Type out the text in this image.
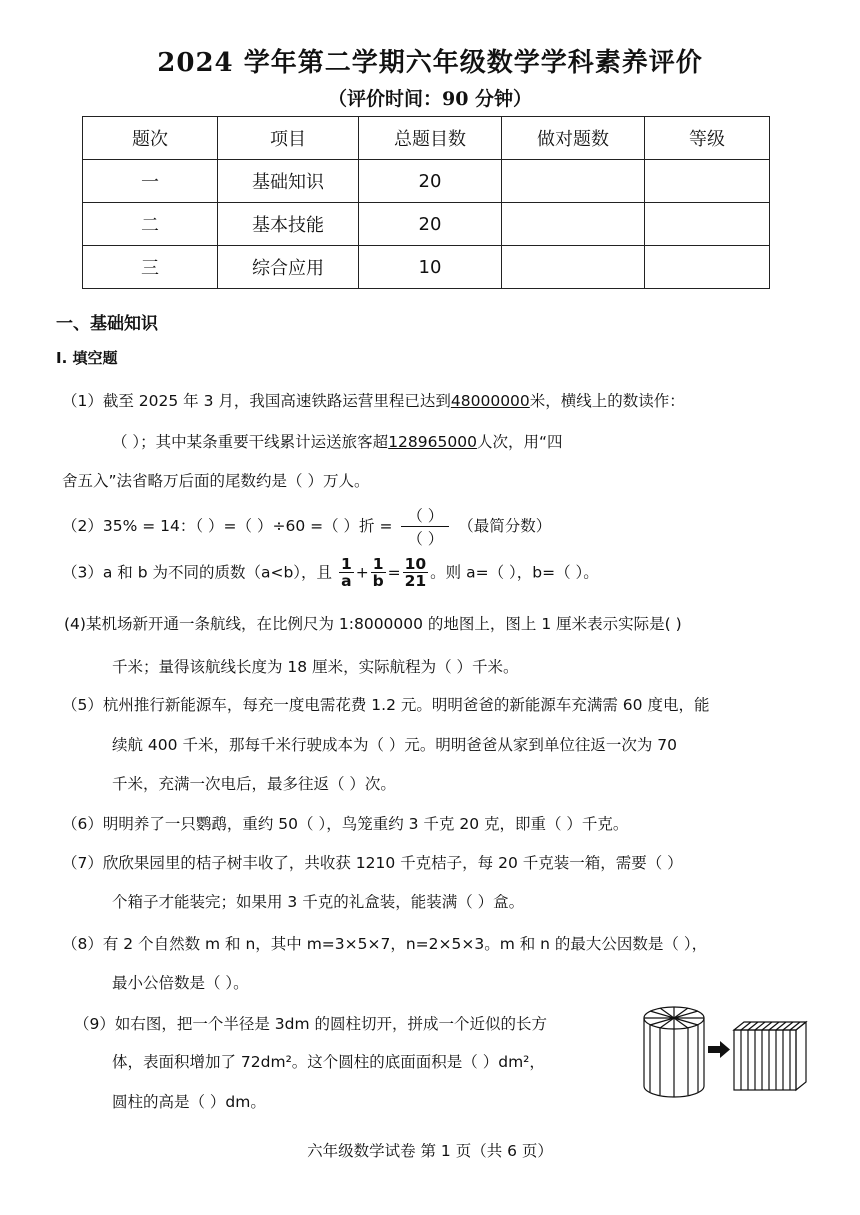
2024 学年第二学期六年级数学学科素养评价
（评价时间：90 分钟）
题次	项目	总题目数	做对题数	等级
一	基础知识	20		
二	基本技能	20		
三	综合应用	10		
一、基础知识
I. 填空题
（1）截至 2025 年 3 月，我国高速铁路运营里程已达到48000000米，横线上的数读作：
（ ）；其中某条重要干线累计运送旅客超128965000人次，用“四
舍五入”法省略万后面的尾数约是（ ）万人。
（2）35% = 14：（ ）=（ ）÷60 =（ ）折 =
（ ）
（ ）
（最简分数）
（3）a 和 b 为不同的质数（a<b），且 $\frac{1}{a} + \frac{1}{b} = \frac{10}{21}$ 。则 a=（ ），b=（ ）。
(4)某机场新开通一条航线，在比例尺为 1:8000000 的地图上，图上 1 厘米表示实际是( )
千米；量得该航线长度为 18 厘米，实际航程为（ ）千米。
（5）杭州推行新能源车，每充一度电需花费 1.2 元。明明爸爸的新能源车充满需 60 度电，能
续航 400 千米，那每千米行驶成本为（ ）元。明明爸爸从家到单位往返一次为 70
千米，充满一次电后，最多往返（ ）次。
（6）明明养了一只鹦鹉，重约 50（ ），鸟笼重约 3 千克 20 克，即重（ ）千克。
（7）欣欣果园里的桔子树丰收了，共收获 1210 千克桔子，每 20 千克装一箱，需要（ ）
个箱子才能装完；如果用 3 千克的礼盒装，能装满（ ）盒。
（8）有 2 个自然数 m 和 n，其中 m=3×5×7，n=2×5×3。m 和 n 的最大公因数是（ ），
最小公倍数是（ ）。
（9）如右图，把一个半径是 3dm 的圆柱切开，拼成一个近似的长方
体，表面积增加了 72dm²。这个圆柱的底面面积是（ ）dm²，
圆柱的高是（ ）dm。
六年级数学试卷 第 1 页（共 6 页）
